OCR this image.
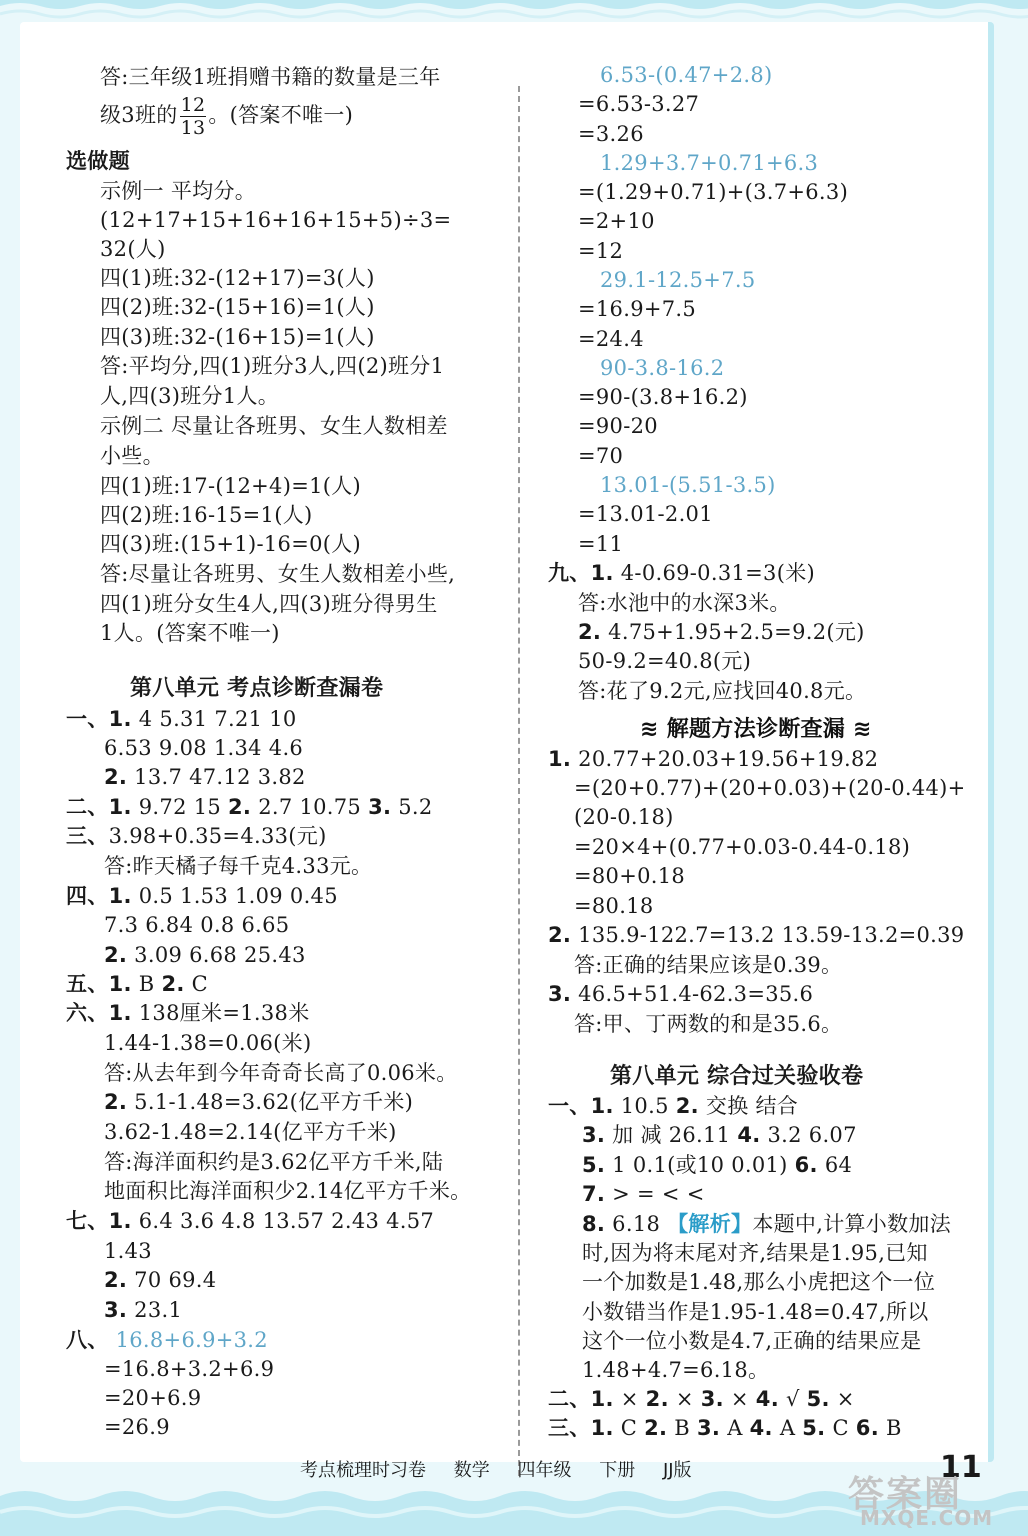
答:三年级1班捐赠书籍的数量是三年
级3班的 $\frac{12}{13}$ 。(答案不唯一)
选做题
示例一 平均分。
(12+17+15+16+16+15+5)÷3=
32(人)
四(1)班:32-(12+17)=3(人)
四(2)班:32-(15+16)=1(人)
四(3)班:32-(16+15)=1(人)
答:平均分,四(1)班分3人,四(2)班分1
人,四(3)班分1人。
示例二 尽量让各班男、女生人数相差
小些。
四(1)班:17-(12+4)=1(人)
四(2)班:16-15=1(人)
四(3)班:(15+1)-16=0(人)
答:尽量让各班男、女生人数相差小些,
四(1)班分女生4人,四(3)班分得男生
1人。(答案不唯一)
第八单元 考点诊断查漏卷
一、1. 4 5.31 7.21 10
6.53 9.08 1.34 4.6
2. 13.7 47.12 3.82
二、1. 9.72 15 2. 2.7 10.75 3. 5.2
三、3.98+0.35=4.33(元)
答:昨天橘子每千克4.33元。
四、1. 0.5 1.53 1.09 0.45
7.3 6.84 0.8 6.65
2. 3.09 6.68 25.43
五、1. B 2. C
六、1. 138厘米=1.38米
1.44-1.38=0.06(米)
答:从去年到今年奇奇长高了0.06米。
2. 5.1-1.48=3.62(亿平方千米)
3.62-1.48=2.14(亿平方千米)
答:海洋面积约是3.62亿平方千米,陆
地面积比海洋面积少2.14亿平方千米。
七、1. 6.4 3.6 4.8 13.57 2.43 4.57
1.43
2. 70 69.4
3. 23.1
八、 16.8+6.9+3.2
=16.8+3.2+6.9
=20+6.9
=26.9
6.53-(0.47+2.8)
=6.53-3.27
=3.26
1.29+3.7+0.71+6.3
=(1.29+0.71)+(3.7+6.3)
=2+10
=12
29.1-12.5+7.5
=16.9+7.5
=24.4
90-3.8-16.2
=90-(3.8+16.2)
=90-20
=70
13.01-(5.51-3.5)
=13.01-2.01
=11
九、1. 4-0.69-0.31=3(米)
答:水池中的水深3米。
2. 4.75+1.95+2.5=9.2(元)
50-9.2=40.8(元)
答:花了9.2元,应找回40.8元。
≋ 解题方法诊断查漏 ≋
1. 20.77+20.03+19.56+19.82
=(20+0.77)+(20+0.03)+(20-0.44)+
(20-0.18)
=20×4+(0.77+0.03-0.44-0.18)
=80+0.18
=80.18
2. 135.9-122.7=13.2 13.59-13.2=0.39
答:正确的结果应该是0.39。
3. 46.5+51.4-62.3=35.6
答:甲、丁两数的和是35.6。
第八单元 综合过关验收卷
一、1. 10.5 2. 交换 结合
3. 加 减 26.11 4. 3.2 6.07
5. 1 0.1(或10 0.01) 6. 64
7. > = < <
8. 6.18 【解析】本题中,计算小数加法
时,因为将末尾对齐,结果是1.95,已知
一个加数是1.48,那么小虎把这个一位
小数错当作是1.95-1.48=0.47,所以
这个一位小数是4.7,正确的结果应是
1.48+4.7=6.18。
二、1. × 2. × 3. × 4. √ 5. ×
三、1. C 2. B 3. A 4. A 5. C 6. B
考点梳理时习卷 数学 四年级 下册 JJ版	11
答案圈
MXQE.COM
